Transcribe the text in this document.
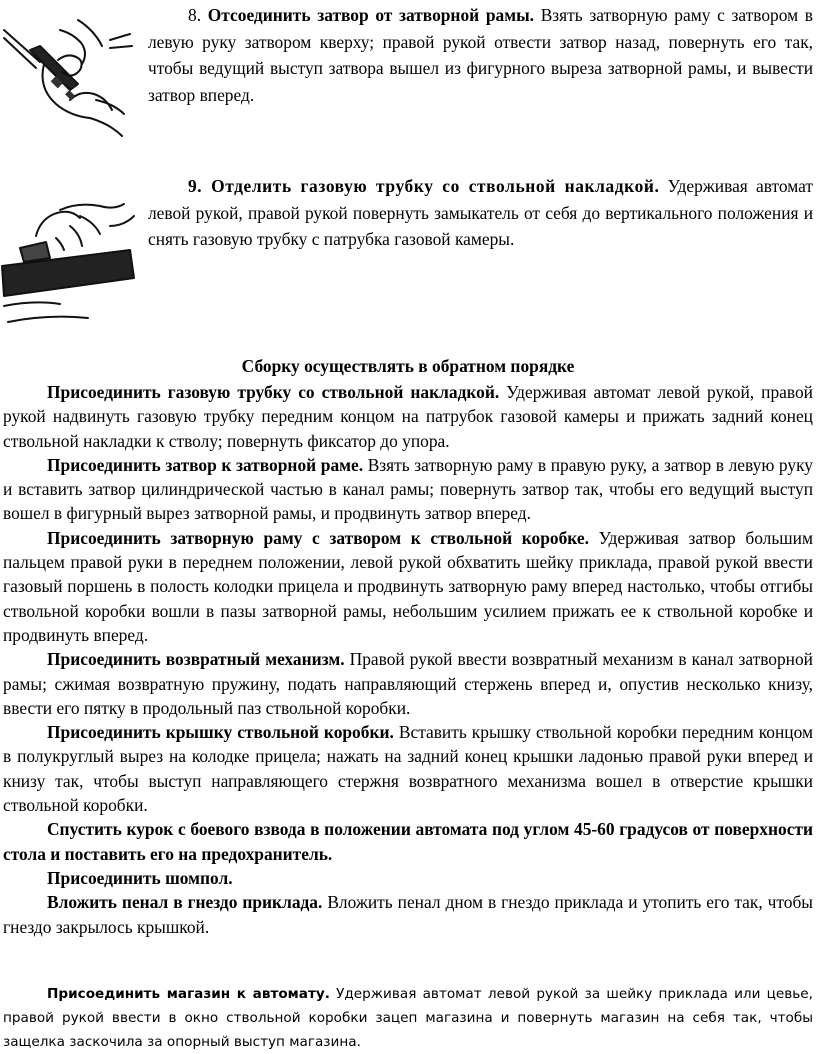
8. Отсоединить затвор от затворной рамы. Взять затворную раму с затвором в левую руку затвором кверху; правой рукой отвести затвор назад, повернуть его так, чтобы ведущий выступ затвора вышел из фигурного выреза затворной рамы, и вывести затвор вперед.
9. Отделить газовую трубку со ствольной накладкой. Удерживая автомат левой рукой, правой рукой повернуть замыкатель от себя до вертикального положения и снять газовую трубку с патрубка газовой камеры.
Сборку осуществлять в обратном порядке

Присоединить газовую трубку со ствольной накладкой. Удерживая автомат левой рукой, правой рукой надвинуть газовую трубку передним концом на патрубок газовой камеры и прижать задний конец ствольной накладки к стволу; повернуть фиксатор до упора.

Присоединить затвор к затворной раме. Взять затворную раму в правую руку, а затвор в левую руку и вставить затвор цилиндрической частью в канал рамы; повернуть затвор так, чтобы его ведущий выступ вошел в фигурный вырез затворной рамы, и продвинуть затвор вперед.

Присоединить затворную раму с затвором к ствольной коробке. Удерживая затвор большим пальцем правой руки в переднем положении, левой рукой обхватить шейку приклада, правой рукой ввести газовый поршень в полость колодки прицела и продвинуть затворную раму вперед настолько, чтобы отгибы ствольной коробки вошли в пазы затворной рамы, небольшим усилием прижать ее к ствольной коробке и продвинуть вперед.

Присоединить возвратный механизм. Правой рукой ввести возвратный механизм в канал затворной рамы; сжимая возвратную пружину, подать направляющий стержень вперед и, опустив несколько книзу, ввести его пятку в продольный паз ствольной коробки.

Присоединить крышку ствольной коробки. Вставить крышку ствольной коробки передним концом в полукруглый вырез на колодке прицела; нажать на задний конец крышки ладонью правой руки вперед и книзу так, чтобы выступ направляющего стержня возвратного механизма вошел в отверстие крышки ствольной коробки.

Спустить курок с боевого взвода в положении автомата под углом 45-60 градусов от поверхности стола и поставить его на предохранитель.

Присоединить шомпол.

Вложить пенал в гнездо приклада. Вложить пенал дном в гнездо приклада и утопить его так, чтобы гнездо закрылось крышкой.

Присоединить магазин к автомату. Удерживая автомат левой рукой за шейку приклада или цевье, правой рукой ввести в окно ствольной коробки зацеп магазина и повернуть магазин на себя так, чтобы защелка заскочила за опорный выступ магазина.
